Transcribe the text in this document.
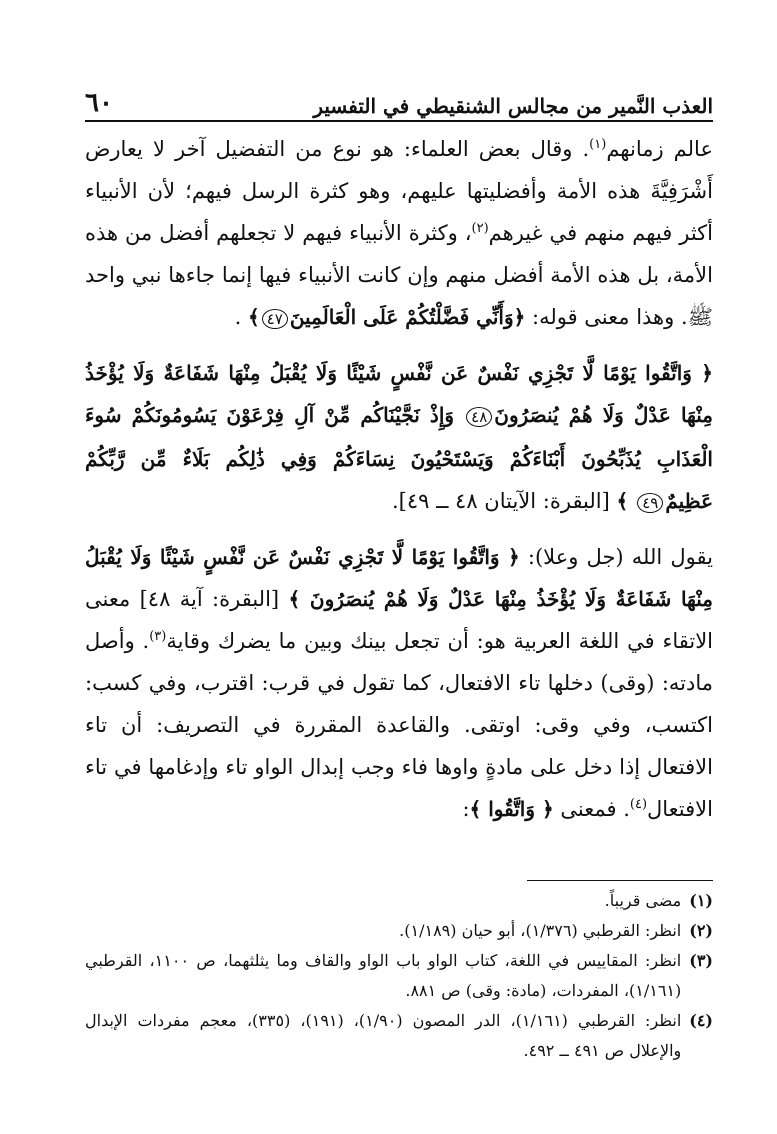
العذب النَّمير من مجالس الشنقيطي في التفسير
٦٠

عالم زمانهم$^{(١)}$. وقال بعض العلماء: هو نوع من التفضيل آخر لا يعارض أَشْرَفِيَّةَ هذه الأمة وأفضليتها عليهم، وهو كثرة الرسل فيهم؛ لأن الأنبياء أكثر فيهم منهم في غيرهم$^{(٢)}$، وكثرة الأنبياء فيهم لا تجعلهم أفضل من هذه الأمة، بل هذه الأمة أفضل منهم وإن كانت الأنبياء فيها إنما جاءها نبي واحد ﷺ. وهذا معنى قوله: ﴿وَأَنِّي فَضَّلْتُكُمْ عَلَى الْعَالَمِينَ٤٧﴾ .

﴿ وَاتَّقُوا يَوْمًا لَّا تَجْزِي نَفْسٌ عَن نَّفْسٍ شَيْئًا وَلَا يُقْبَلُ مِنْهَا شَفَاعَةٌ وَلَا يُؤْخَذُ مِنْهَا عَدْلٌ وَلَا هُمْ يُنصَرُونَ٤٨ وَإِذْ نَجَّيْنَاكُم مِّنْ آلِ فِرْعَوْنَ يَسُومُونَكُمْ سُوءَ الْعَذَابِ يُذَبِّحُونَ أَبْنَاءَكُمْ وَيَسْتَحْيُونَ نِسَاءَكُمْ وَفِي ذَٰلِكُم بَلَاءٌ مِّن رَّبِّكُمْ عَظِيمٌ٤٩ ﴾ [البقرة: الآيتان ٤٨ ــ ٤٩].

يقول الله (جل وعلا): ﴿ وَاتَّقُوا يَوْمًا لَّا تَجْزِي نَفْسٌ عَن نَّفْسٍ شَيْئًا وَلَا يُقْبَلُ مِنْهَا شَفَاعَةٌ وَلَا يُؤْخَذُ مِنْهَا عَدْلٌ وَلَا هُمْ يُنصَرُونَ ﴾ [البقرة: آية ٤٨] معنى الاتقاء في اللغة العربية هو: أن تجعل بينك وبين ما يضرك وقاية$^{(٣)}$. وأصل مادته: (وقى) دخلها تاء الافتعال، كما تقول في قرب: اقترب، وفي كسب: اكتسب، وفي وقى: اوتقى. والقاعدة المقررة في التصريف: أن تاء الافتعال إذا دخل على مادةٍ واوها فاء وجب إبدال الواو تاء وإدغامها في تاء الافتعال$^{(٤)}$. فمعنى ﴿ وَاتَّقُوا ﴾:

(١)
مضى قريباً.
(٢)
انظر: القرطبي (١/٣٧٦)، أبو حيان (١/١٨٩).
(٣)
انظر: المقاييس في اللغة، كتاب الواو باب الواو والقاف وما يثلثهما، ص ١١٠٠، القرطبي (١/١٦١)، المفردات، (مادة: وقى) ص ٨٨١.
(٤)
انظر: القرطبي (١/١٦١)، الدر المصون (١/٩٠)، (١٩١)، (٣٣٥)، معجم مفردات الإبدال والإعلال ص ٤٩١ ــ ٤٩٢.
